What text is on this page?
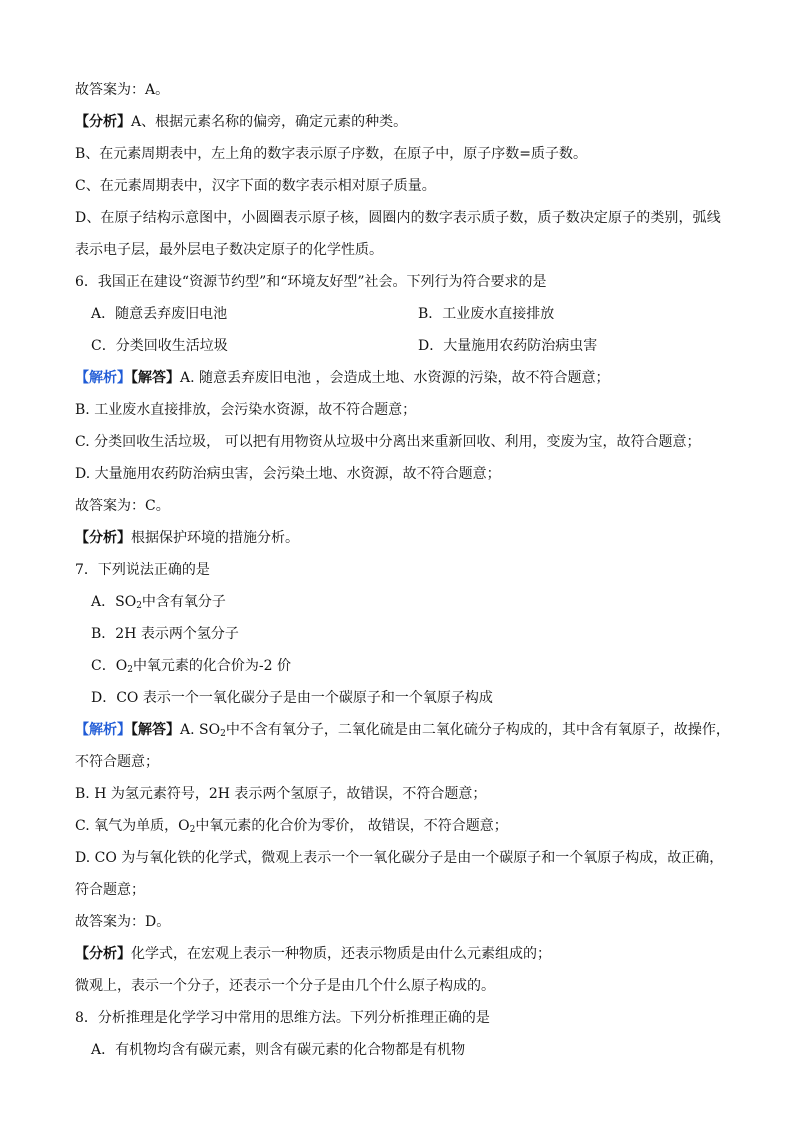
故答案为：A。
【分析】A、根据元素名称的偏旁，确定元素的种类。
B、在元素周期表中，左上角的数字表示原子序数，在原子中，原子序数=质子数。
C、在元素周期表中，汉字下面的数字表示相对原子质量。
D、在原子结构示意图中，小圆圈表示原子核，圆圈内的数字表示质子数，质子数决定原子的类别，弧线
表示电子层，最外层电子数决定原子的化学性质。
6．我国正在建设“资源节约型”和“环境友好型”社会。下列行为符合要求的是
A．随意丢弃废旧电池	B．工业废水直接排放
C．分类回收生活垃圾	D．大量施用农药防治病虫害
【解析】【解答】A. 随意丢弃废旧电池 ，会造成土地、水资源的污染，故不符合题意；
B. 工业废水直接排放，会污染水资源，故不符合题意；
C. 分类回收生活垃圾， 可以把有用物资从垃圾中分离出来重新回收、利用，变废为宝，故符合题意；
D. 大量施用农药防治病虫害，会污染土地、水资源，故不符合题意；
故答案为：C。
【分析】根据保护环境的措施分析。
7．下列说法正确的是
A．$SO_2$中含有氧分子
B．2H 表示两个氢分子
C．$O_2$中氧元素的化合价为-2 价
D．CO 表示一个一氧化碳分子是由一个碳原子和一个氧原子构成
【解析】【解答】A. $SO_2$中不含有氧分子，二氧化硫是由二氧化硫分子构成的，其中含有氧原子，故操作，
不符合题意；
B. H 为氢元素符号，2H 表示两个氢原子，故错误，不符合题意；
C. 氧气为单质，$O_2$中氧元素的化合价为零价， 故错误，不符合题意；
D. CO 为与氧化铁的化学式，微观上表示一个一氧化碳分子是由一个碳原子和一个氧原子构成，故正确，
符合题意；
故答案为：D。
【分析】化学式，在宏观上表示一种物质，还表示物质是由什么元素组成的；
微观上，表示一个分子，还表示一个分子是由几个什么原子构成的。
8．分析推理是化学学习中常用的思维方法。下列分析推理正确的是
A．有机物均含有碳元素，则含有碳元素的化合物都是有机物
